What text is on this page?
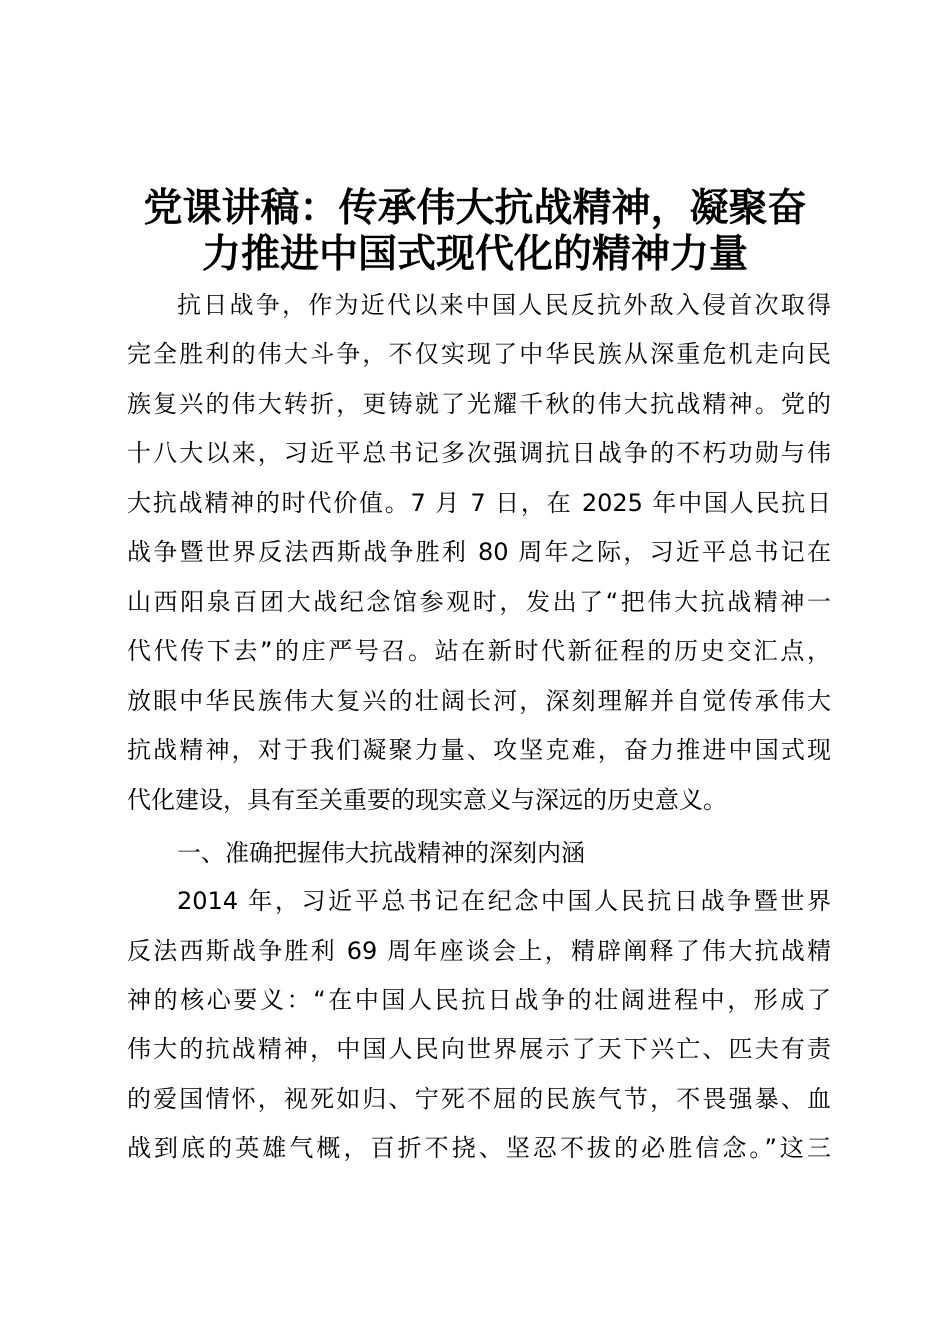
党课讲稿：传承伟大抗战精神，凝聚奋
力推进中国式现代化的精神力量
抗日战争，作为近代以来中国人民反抗外敌入侵首次取得
完全胜利的伟大斗争，不仅实现了中华民族从深重危机走向民
族复兴的伟大转折，更铸就了光耀千秋的伟大抗战精神。党的
十八大以来，习近平总书记多次强调抗日战争的不朽功勋与伟
大抗战精神的时代价值。7 月 7 日，在 2025 年中国人民抗日
战争暨世界反法西斯战争胜利 80 周年之际，习近平总书记在
山西阳泉百团大战纪念馆参观时，发出了“把伟大抗战精神一
代代传下去”的庄严号召。站在新时代新征程的历史交汇点，
放眼中华民族伟大复兴的壮阔长河，深刻理解并自觉传承伟大
抗战精神，对于我们凝聚力量、攻坚克难，奋力推进中国式现
代化建设，具有至关重要的现实意义与深远的历史意义。
一、准确把握伟大抗战精神的深刻内涵
2014 年，习近平总书记在纪念中国人民抗日战争暨世界
反法西斯战争胜利 69 周年座谈会上，精辟阐释了伟大抗战精
神的核心要义：“在中国人民抗日战争的壮阔进程中，形成了
伟大的抗战精神，中国人民向世界展示了天下兴亡、匹夫有责
的爱国情怀，视死如归、宁死不屈的民族气节，不畏强暴、血
战到底的英雄气概，百折不挠、坚忍不拔的必胜信念。”这三
